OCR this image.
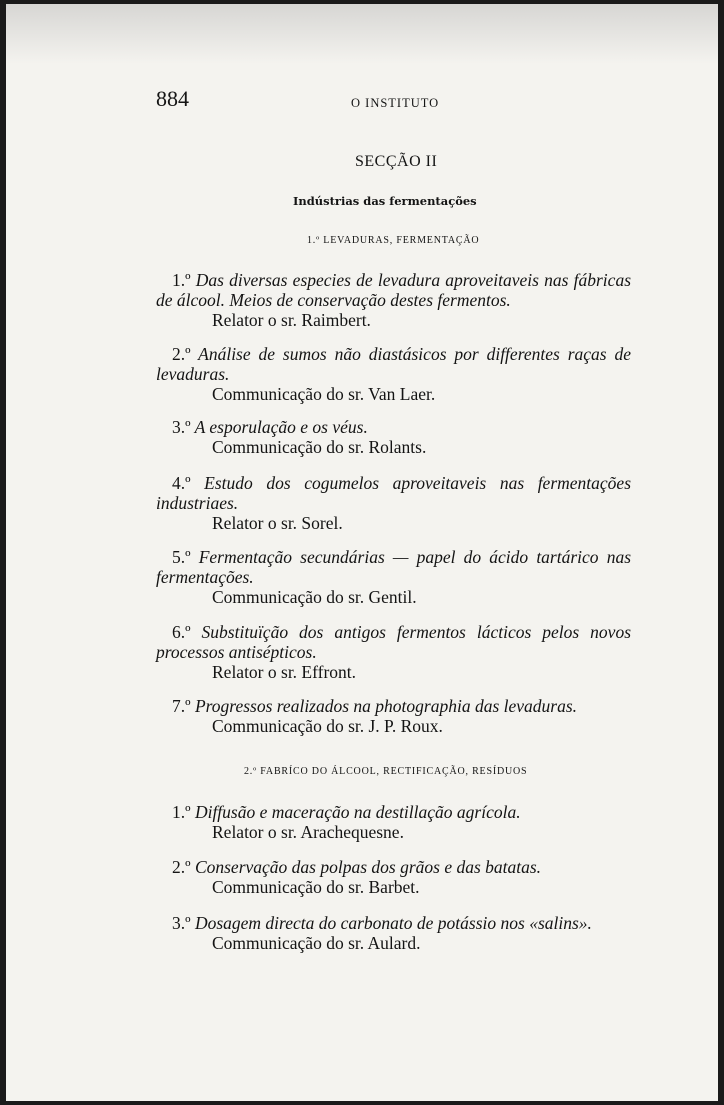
884	O INSTITUTO
SECÇÃO II
Indústrias das fermentações
1.º LEVADURAS, FERMENTAÇÃO

1.º Das diversas especies de levadura aproveitaveis nas fábricas de álcool. Meios de conservação destes fermentos.

Relator o sr. Raimbert.

2.º Análise de sumos não diastásicos por differentes raças de levaduras.

Communicação do sr. Van Laer.

3.º A esporulação e os véus.

Communicação do sr. Rolants.

4.º Estudo dos cogumelos aproveitaveis nas fermentações industriaes.

Relator o sr. Sorel.

5.º Fermentação secundárias — papel do ácido tartárico nas fermentações.

Communicação do sr. Gentil.

6.º Substituïção dos antigos fermentos lácticos pelos novos processos antisépticos.

Relator o sr. Effront.

7.º Progressos realizados na photographia das levaduras.

Communicação do sr. J. P. Roux.

2.º FABRÍCO DO ÁLCOOL, RECTIFICAÇÃO, RESÍDUOS

1.º Diffusão e maceração na destillação agrícola.

Relator o sr. Arachequesne.

2.º Conservação das polpas dos grãos e das batatas.

Communicação do sr. Barbet.

3.º Dosagem directa do carbonato de potássio nos «salins».

Communicação do sr. Aulard.
